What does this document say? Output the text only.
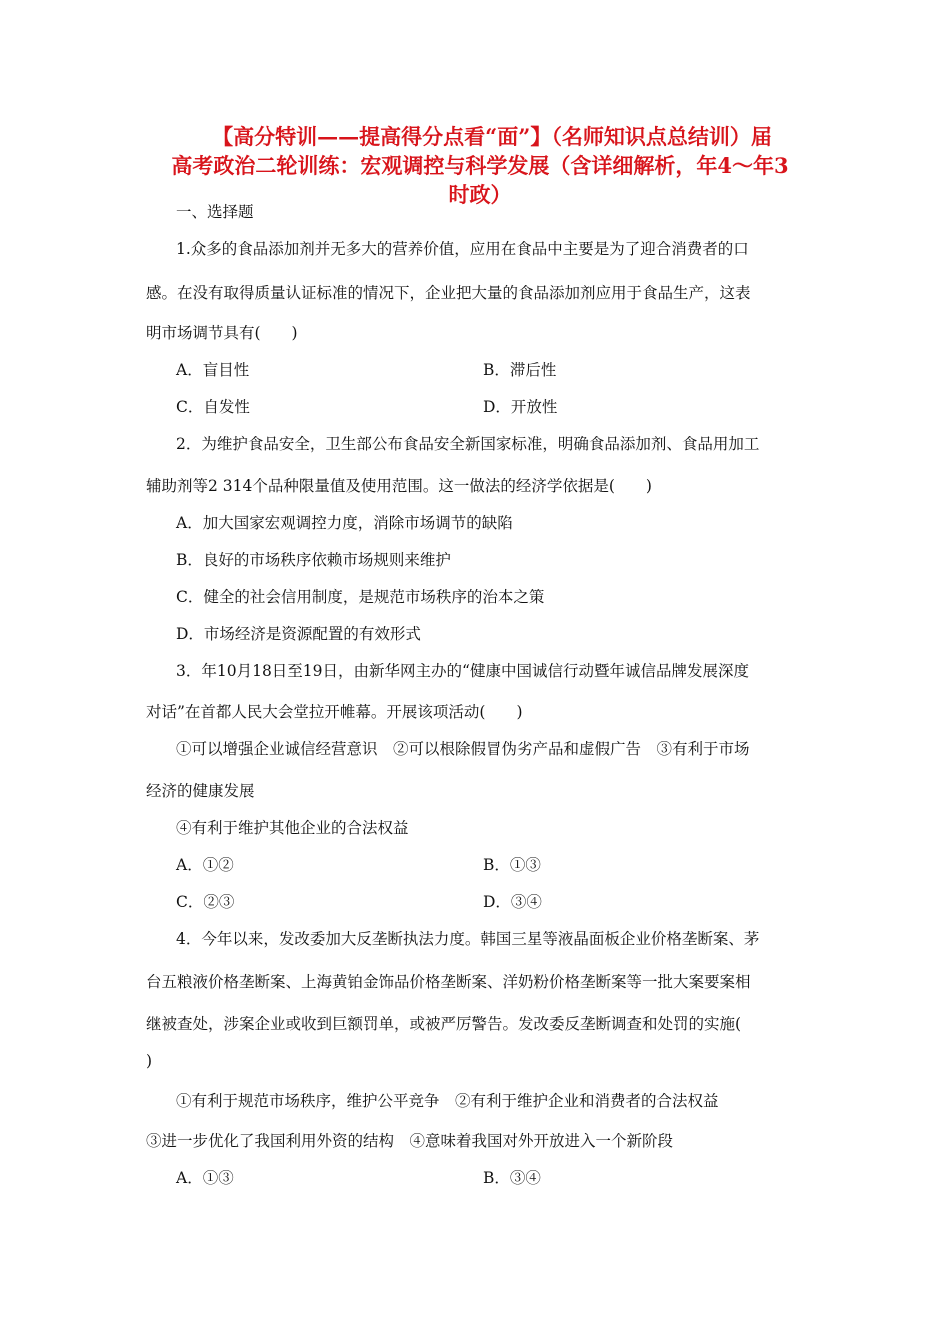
【高分特训——提高得分点看“面”】（名师知识点总结训）届
高考政治二轮训练：宏观调控与科学发展（含详细解析，年4～年3
时政）
一、选择题
1.众多的食品添加剂并无多大的营养价值，应用在食品中主要是为了迎合消费者的口
感。在没有取得质量认证标准的情况下，企业把大量的食品添加剂应用于食品生产，这表
明市场调节具有(　　)
A．盲目性	B．滞后性
C．自发性	D．开放性
2．为维护食品安全，卫生部公布食品安全新国家标准，明确食品添加剂、食品用加工
辅助剂等2 314个品种限量值及使用范围。这一做法的经济学依据是(　　)
A．加大国家宏观调控力度，消除市场调节的缺陷
B．良好的市场秩序依赖市场规则来维护
C．健全的社会信用制度，是规范市场秩序的治本之策
D．市场经济是资源配置的有效形式
3．年10月18日至19日，由新华网主办的“健康中国诚信行动暨年诚信品牌发展深度
对话”在首都人民大会堂拉开帷幕。开展该项活动(　　)
①可以增强企业诚信经营意识　②可以根除假冒伪劣产品和虚假广告　③有利于市场
经济的健康发展
④有利于维护其他企业的合法权益
A．①②	B．①③
C．②③	D．③④
4．今年以来，发改委加大反垄断执法力度。韩国三星等液晶面板企业价格垄断案、茅
台五粮液价格垄断案、上海黄铂金饰品价格垄断案、洋奶粉价格垄断案等一批大案要案相
继被查处，涉案企业或收到巨额罚单，或被严厉警告。发改委反垄断调查和处罚的实施(
)
①有利于规范市场秩序，维护公平竞争　②有利于维护企业和消费者的合法权益
③进一步优化了我国利用外资的结构　④意味着我国对外开放进入一个新阶段
A．①③	B．③④
